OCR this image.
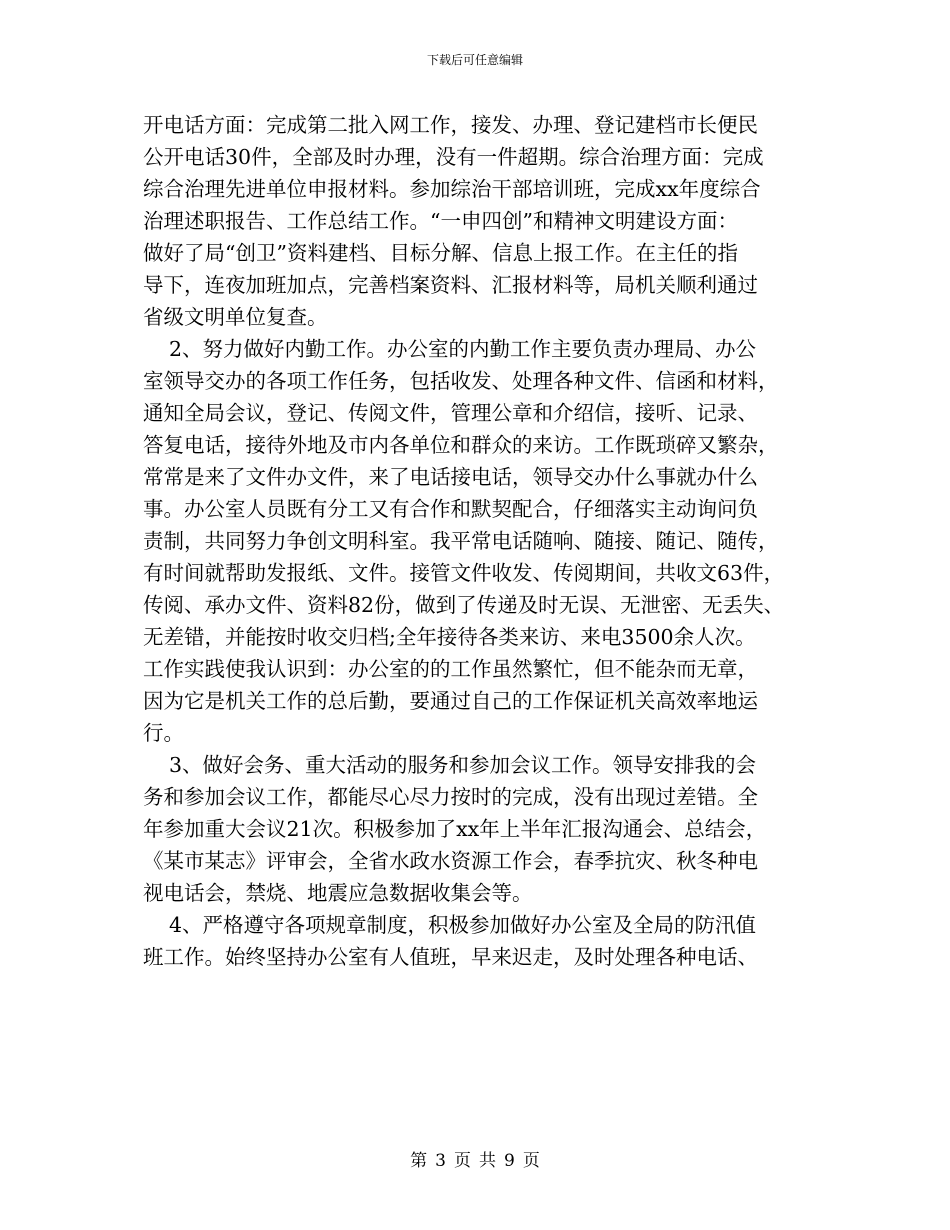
下载后可任意编辑
开电话方面：完成第二批入网工作，接发、办理、登记建档市长便民
公开电话30件，全部及时办理，没有一件超期。综合治理方面：完成
综合治理先进单位申报材料。参加综治干部培训班，完成xx年度综合
治理述职报告、工作总结工作。“一申四创”和精神文明建设方面：
做好了局“创卫”资料建档、目标分解、信息上报工作。在主任的指
导下，连夜加班加点，完善档案资料、汇报材料等，局机关顺利通过
省级文明单位复查。
2、努力做好内勤工作。办公室的内勤工作主要负责办理局、办公
室领导交办的各项工作任务，包括收发、处理各种文件、信函和材料，
通知全局会议，登记、传阅文件，管理公章和介绍信，接听、记录、
答复电话，接待外地及市内各单位和群众的来访。工作既琐碎又繁杂，
常常是来了文件办文件，来了电话接电话，领导交办什么事就办什么
事。办公室人员既有分工又有合作和默契配合，仔细落实主动询问负
责制，共同努力争创文明科室。我平常电话随响、随接、随记、随传，
有时间就帮助发报纸、文件。接管文件收发、传阅期间，共收文63件，
传阅、承办文件、资料82份，做到了传递及时无误、无泄密、无丢失、
无差错，并能按时收交归档;全年接待各类来访、来电3500余人次。
工作实践使我认识到：办公室的的工作虽然繁忙，但不能杂而无章，
因为它是机关工作的总后勤，要通过自己的工作保证机关高效率地运
行。
3、做好会务、重大活动的服务和参加会议工作。领导安排我的会
务和参加会议工作，都能尽心尽力按时的完成，没有出现过差错。全
年参加重大会议21次。积极参加了xx年上半年汇报沟通会、总结会，
《某市某志》评审会，全省水政水资源工作会，春季抗灾、秋冬种电
视电话会，禁烧、地震应急数据收集会等。
4、严格遵守各项规章制度，积极参加做好办公室及全局的防汛值
班工作。始终坚持办公室有人值班，早来迟走，及时处理各种电话、
第 3 页 共 9 页
